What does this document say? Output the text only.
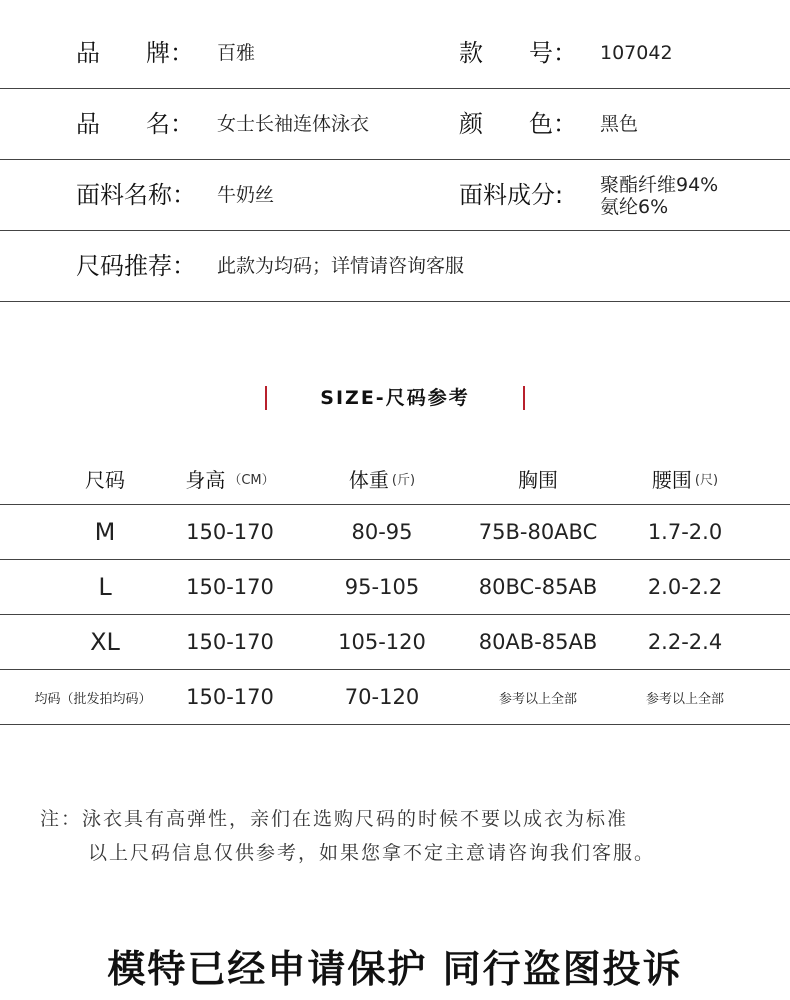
品 牌： 百雅	款 号： 107042
品 名： 女士长袖连体泳衣	颜 色： 黑色
面料名称： 牛奶丝	面料成分: 聚酯纤维94%
氨纶6%
尺码推荐： 此款为均码；详情请咨询客服
SIZE-尺码参考
尺码	身高 （CM）	体重 (斤)	胸围	腰围 (尺)
M	150-170	80-95	75B-80ABC	1.7-2.0
L	150-170	95-105	80BC-85AB	2.0-2.2
XL	150-170	105-120	80AB-85AB	2.2-2.4
均码（批发拍均码）	150-170	70-120	参考以上全部	参考以上全部
注：泳衣具有高弹性，亲们在选购尺码的时候不要以成衣为标准
以上尺码信息仅供参考，如果您拿不定主意请咨询我们客服。
模特已经申请保护 同行盗图投诉
